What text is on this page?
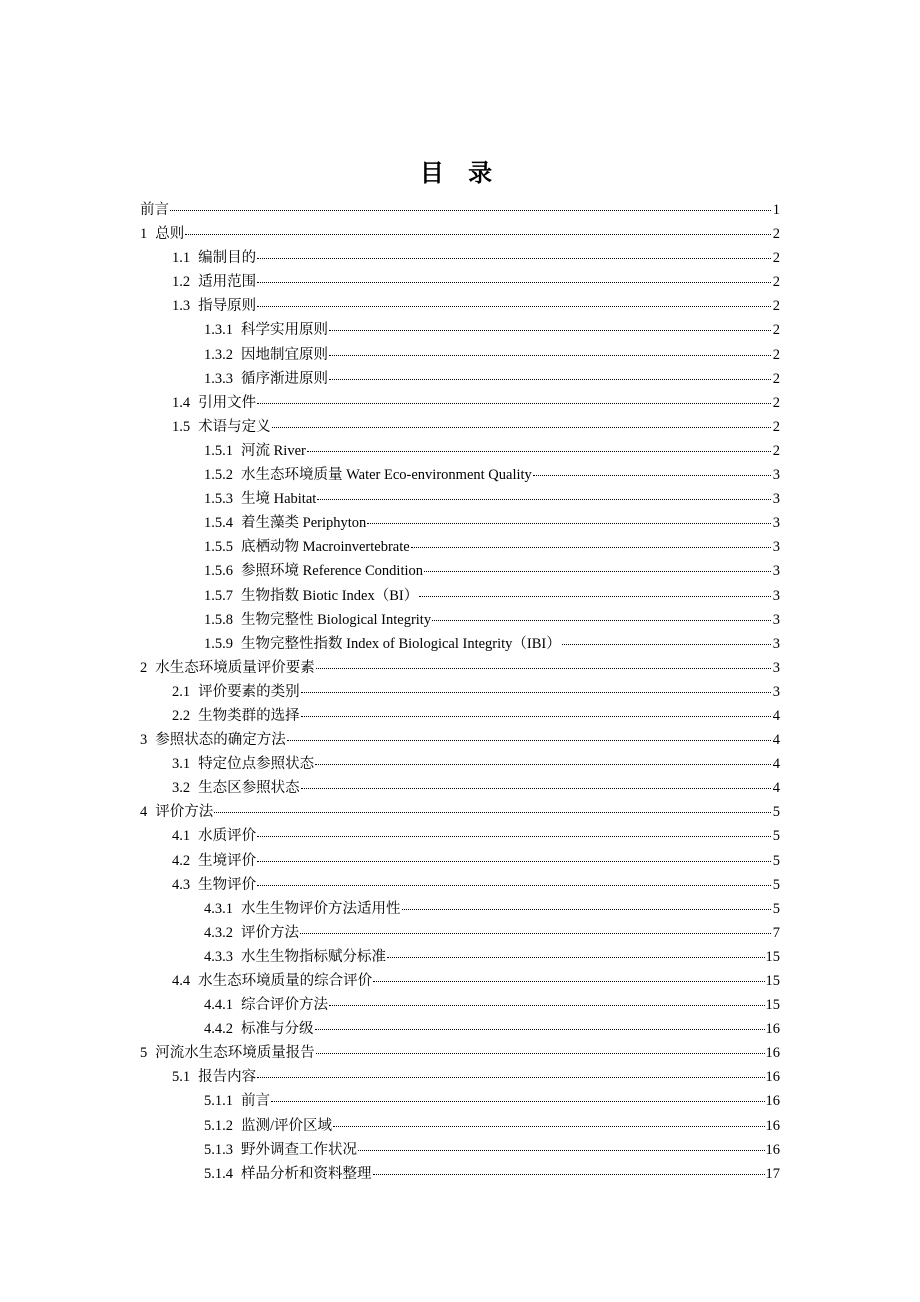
目 录
前言	1
1 总则	2
1.1 编制目的	2
1.2 适用范围	2
1.3 指导原则	2
1.3.1 科学实用原则	2
1.3.2 因地制宜原则	2
1.3.3 循序渐进原则	2
1.4 引用文件	2
1.5 术语与定义	2
1.5.1 河流 River	2
1.5.2 水生态环境质量 Water Eco-environment Quality	3
1.5.3 生境 Habitat	3
1.5.4 着生藻类 Periphyton	3
1.5.5 底栖动物 Macroinvertebrate	3
1.5.6 参照环境 Reference Condition	3
1.5.7 生物指数 Biotic Index（BI）	3
1.5.8 生物完整性 Biological Integrity	3
1.5.9 生物完整性指数 Index of Biological Integrity（IBI）	3
2 水生态环境质量评价要素	3
2.1 评价要素的类别	3
2.2 生物类群的选择	4
3 参照状态的确定方法	4
3.1 特定位点参照状态	4
3.2 生态区参照状态	4
4 评价方法	5
4.1 水质评价	5
4.2 生境评价	5
4.3 生物评价	5
4.3.1 水生生物评价方法适用性	5
4.3.2 评价方法	7
4.3.3 水生生物指标赋分标准	15
4.4 水生态环境质量的综合评价	15
4.4.1 综合评价方法	15
4.4.2 标准与分级	16
5 河流水生态环境质量报告	16
5.1 报告内容	16
5.1.1 前言	16
5.1.2 监测/评价区域	16
5.1.3 野外调查工作状况	16
5.1.4 样品分析和资料整理	17
